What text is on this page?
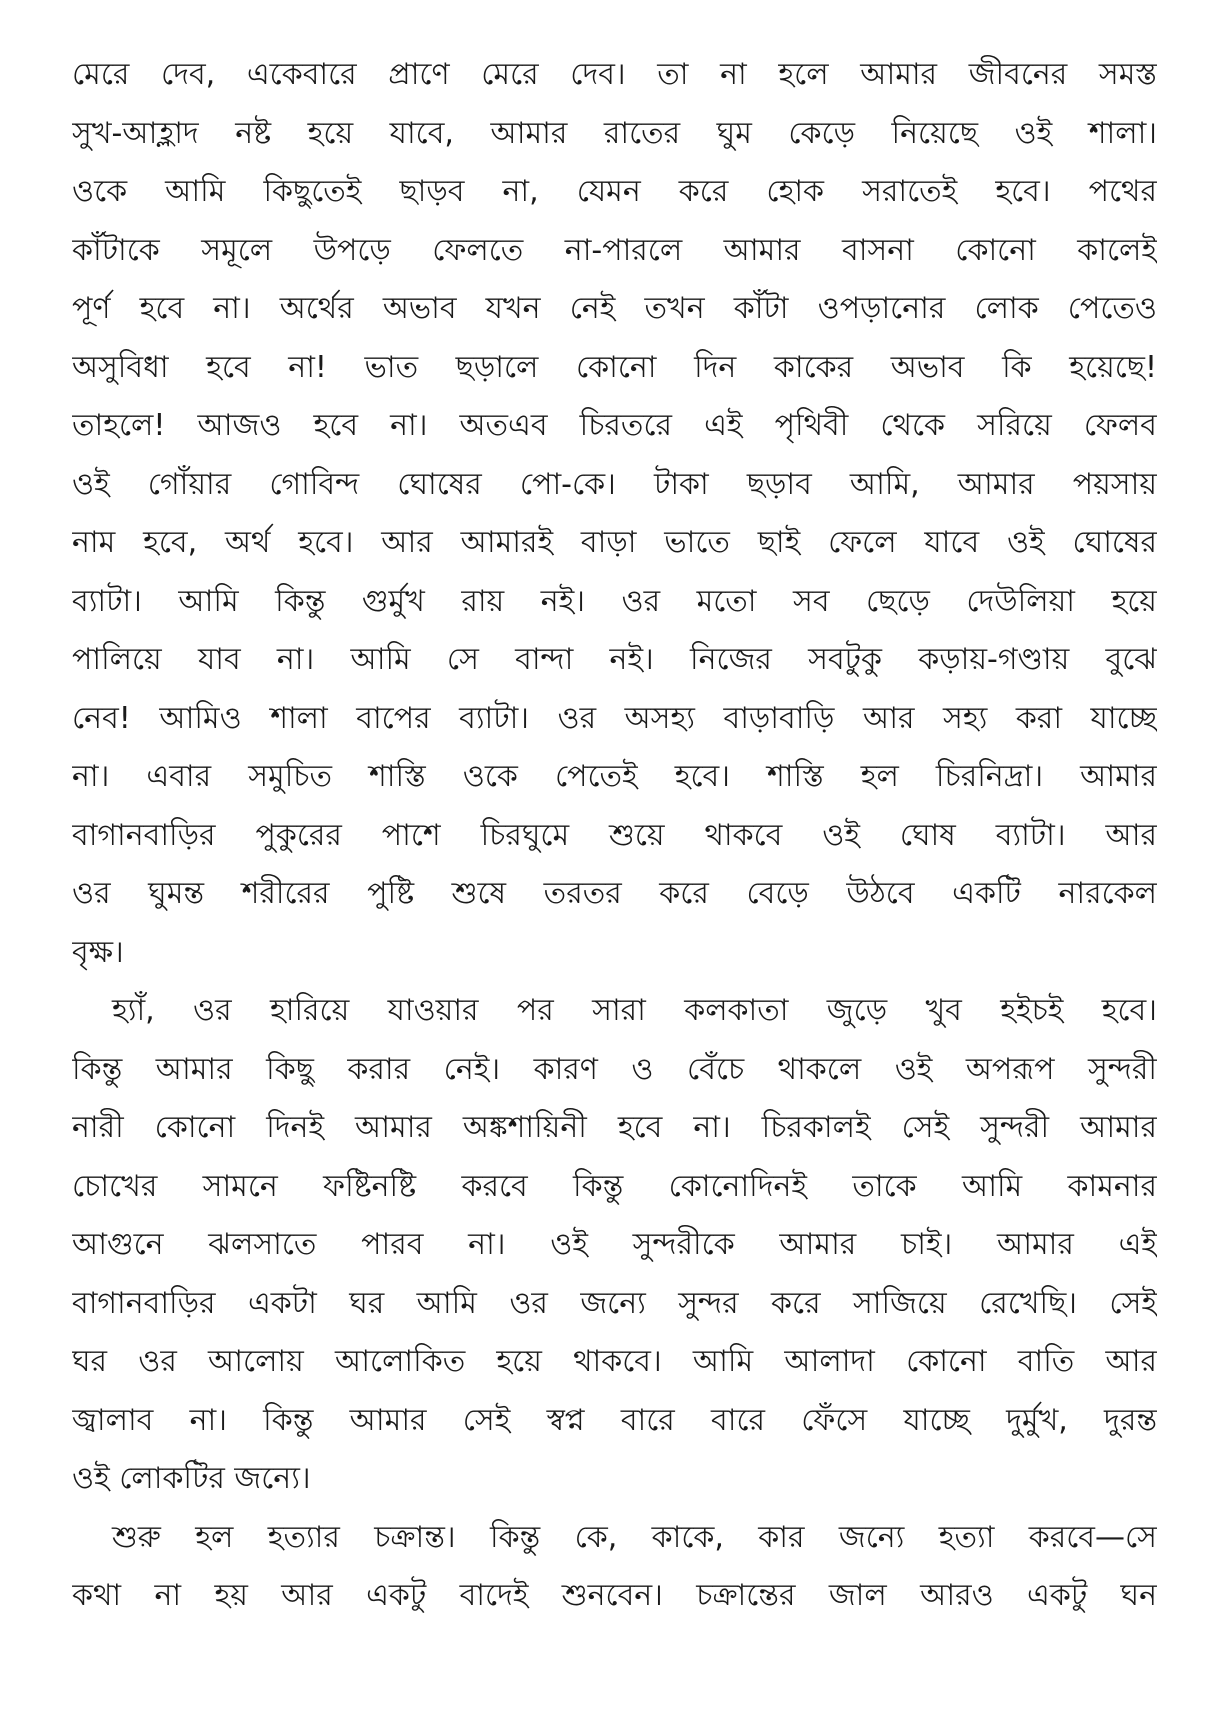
মেরে দেব, একেবারে প্রাণে মেরে দেব। তা না হলে আমার জীবনের সমস্ত
সুখ-আহ্লাদ নষ্ট হয়ে যাবে, আমার রাতের ঘুম কেড়ে নিয়েছে ওই শালা।
ওকে আমি কিছুতেই ছাড়ব না, যেমন করে হোক সরাতেই হবে। পথের
কাঁটাকে সমূলে উপড়ে ফেলতে না-পারলে আমার বাসনা কোনো কালেই
পূর্ণ হবে না। অর্থের অভাব যখন নেই তখন কাঁটা ওপড়ানোর লোক পেতেও
অসুবিধা হবে না! ভাত ছড়ালে কোনো দিন কাকের অভাব কি হয়েছে!
তাহলে! আজও হবে না। অতএব চিরতরে এই পৃথিবী থেকে সরিয়ে ফেলব
ওই গোঁয়ার গোবিন্দ ঘোষের পো-কে। টাকা ছড়াব আমি, আমার পয়সায়
নাম হবে, অর্থ হবে। আর আমারই বাড়া ভাতে ছাই ফেলে যাবে ওই ঘোষের
ব্যাটা। আমি কিন্তু গুর্মুখ রায় নই। ওর মতো সব ছেড়ে দেউলিয়া হয়ে
পালিয়ে যাব না। আমি সে বান্দা নই। নিজের সবটুকু কড়ায়-গণ্ডায় বুঝে
নেব! আমিও শালা বাপের ব্যাটা। ওর অসহ্য বাড়াবাড়ি আর সহ্য করা যাচ্ছে
না। এবার সমুচিত শাস্তি ওকে পেতেই হবে। শাস্তি হল চিরনিদ্রা। আমার
বাগানবাড়ির পুকুরের পাশে চিরঘুমে শুয়ে থাকবে ওই ঘোষ ব্যাটা। আর
ওর ঘুমন্ত শরীরের পুষ্টি শুষে তরতর করে বেড়ে উঠবে একটি নারকেল
বৃক্ষ।
হ্যাঁ, ওর হারিয়ে যাওয়ার পর সারা কলকাতা জুড়ে খুব হইচই হবে।
কিন্তু আমার কিছু করার নেই। কারণ ও বেঁচে থাকলে ওই অপরূপ সুন্দরী
নারী কোনো দিনই আমার অঙ্কশায়িনী হবে না। চিরকালই সেই সুন্দরী আমার
চোখের সামনে ফষ্টিনষ্টি করবে কিন্তু কোনোদিনই তাকে আমি কামনার
আগুনে ঝলসাতে পারব না। ওই সুন্দরীকে আমার চাই। আমার এই
বাগানবাড়ির একটা ঘর আমি ওর জন্যে সুন্দর করে সাজিয়ে রেখেছি। সেই
ঘর ওর আলোয় আলোকিত হয়ে থাকবে। আমি আলাদা কোনো বাতি আর
জ্বালাব না। কিন্তু আমার সেই স্বপ্ন বারে বারে ফেঁসে যাচ্ছে দুর্মুখ, দুরন্ত
ওই লোকটির জন্যে।
শুরু হল হত্যার চক্রান্ত। কিন্তু কে, কাকে, কার জন্যে হত্যা করবে—সে
কথা না হয় আর একটু বাদেই শুনবেন। চক্রান্তের জাল আরও একটু ঘন
